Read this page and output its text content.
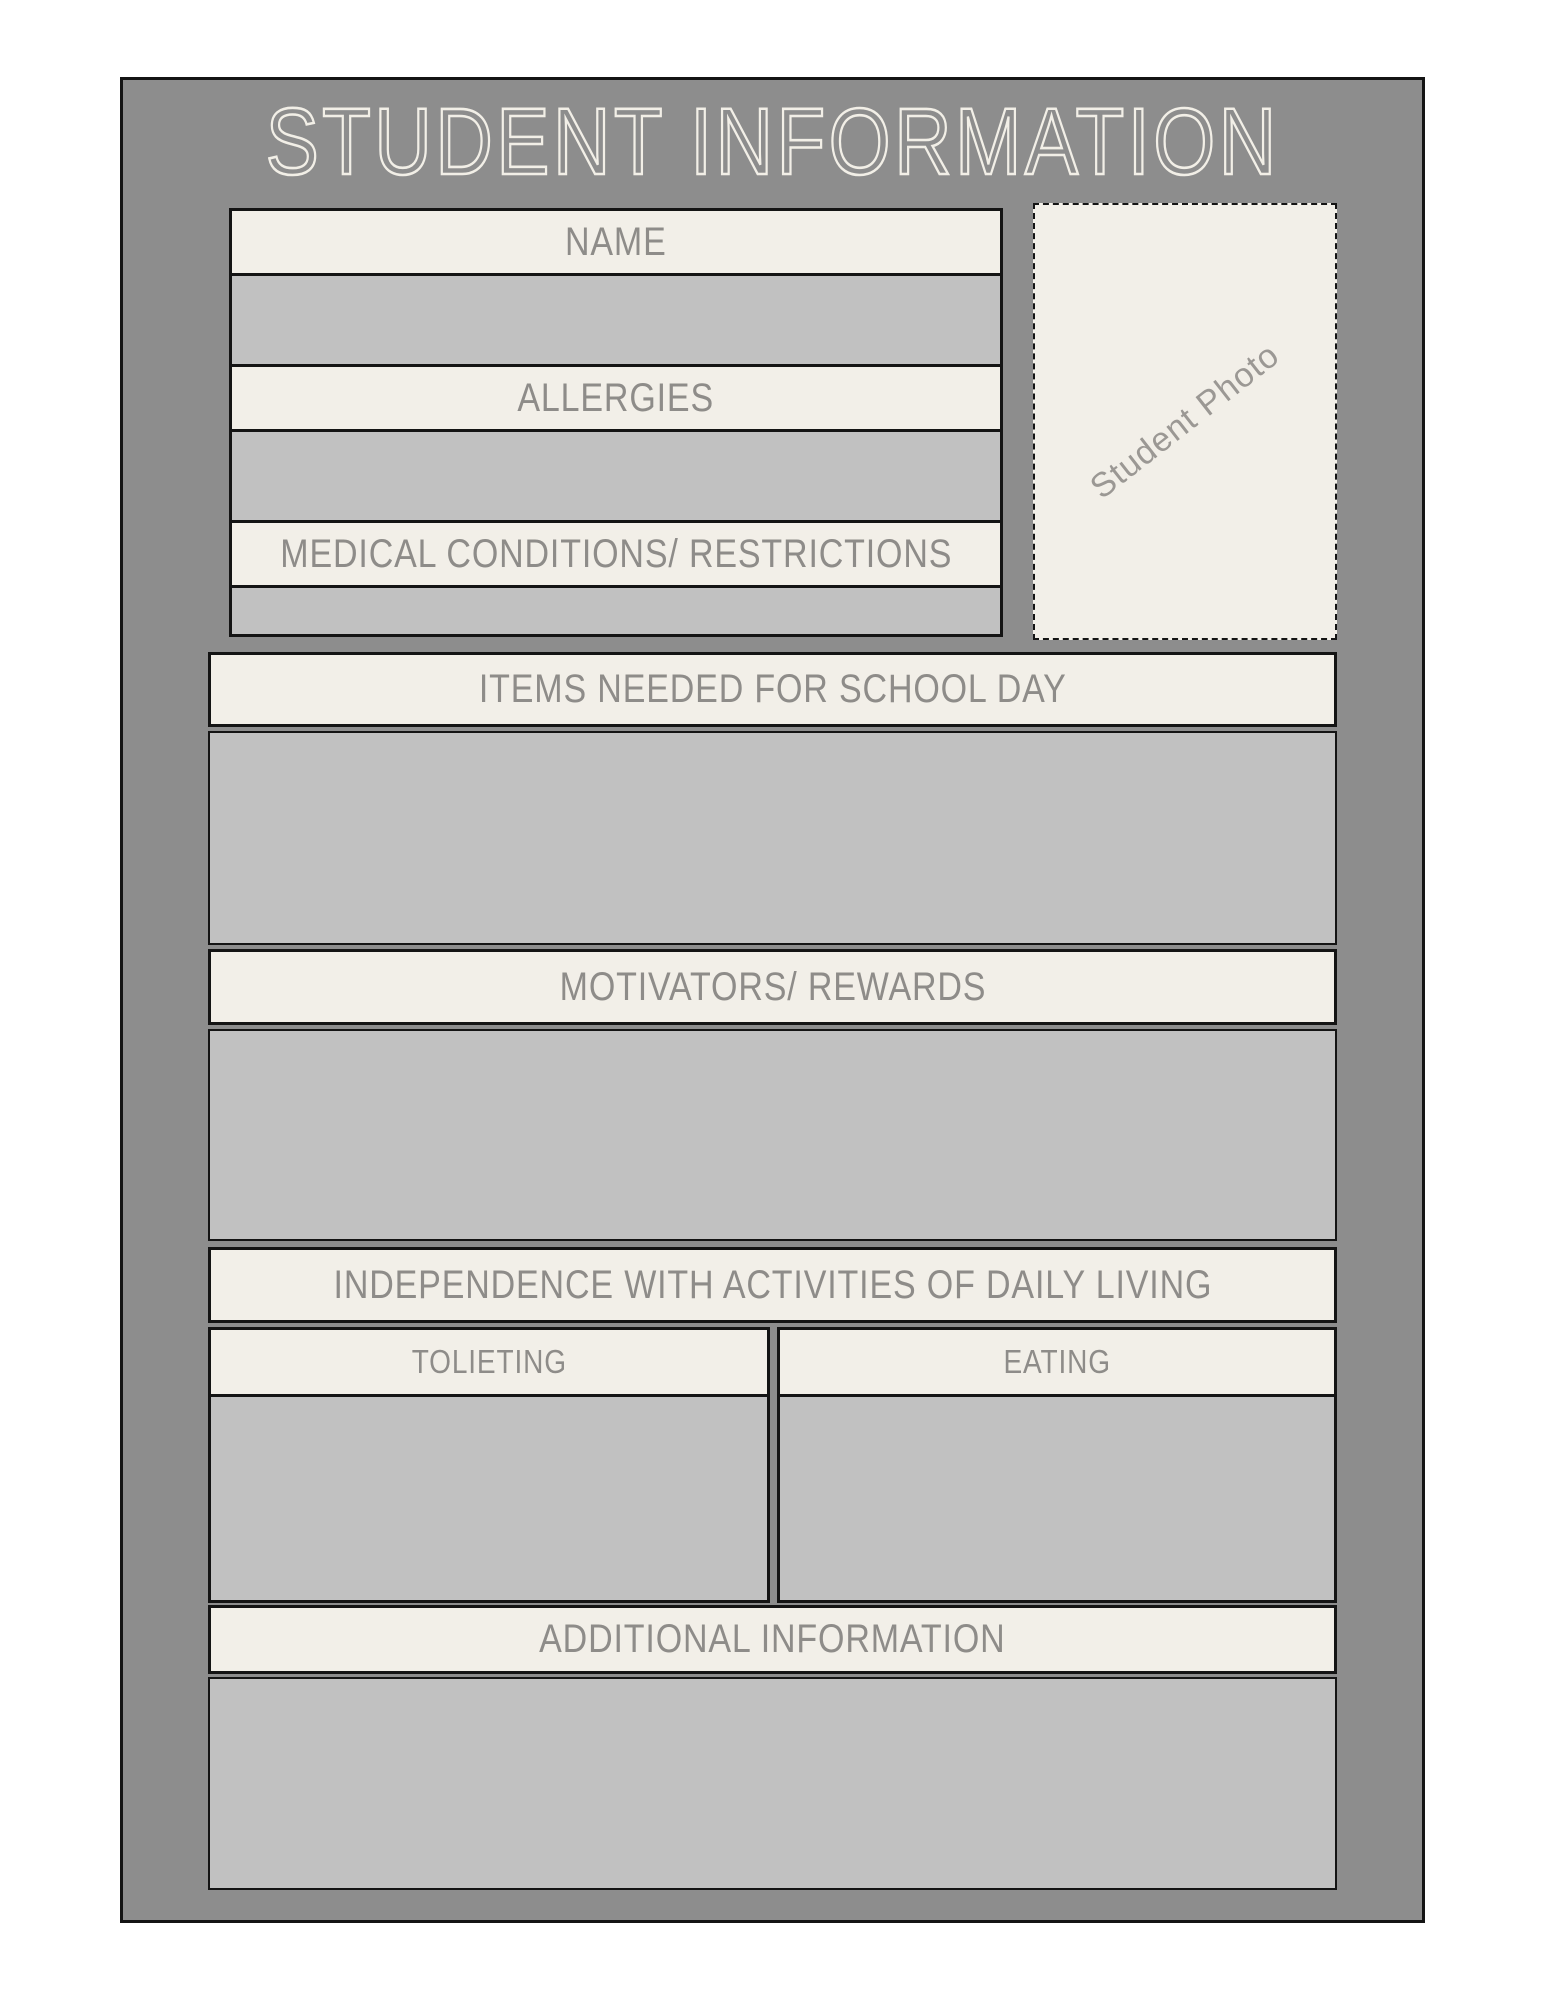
STUDENT INFORMATION
NAME
ALLERGIES
MEDICAL CONDITIONS/ RESTRICTIONS
Student Photo
ITEMS NEEDED FOR SCHOOL DAY
MOTIVATORS/ REWARDS
INDEPENDENCE WITH ACTIVITIES OF DAILY LIVING
TOLIETING	EATING
ADDITIONAL INFORMATION
